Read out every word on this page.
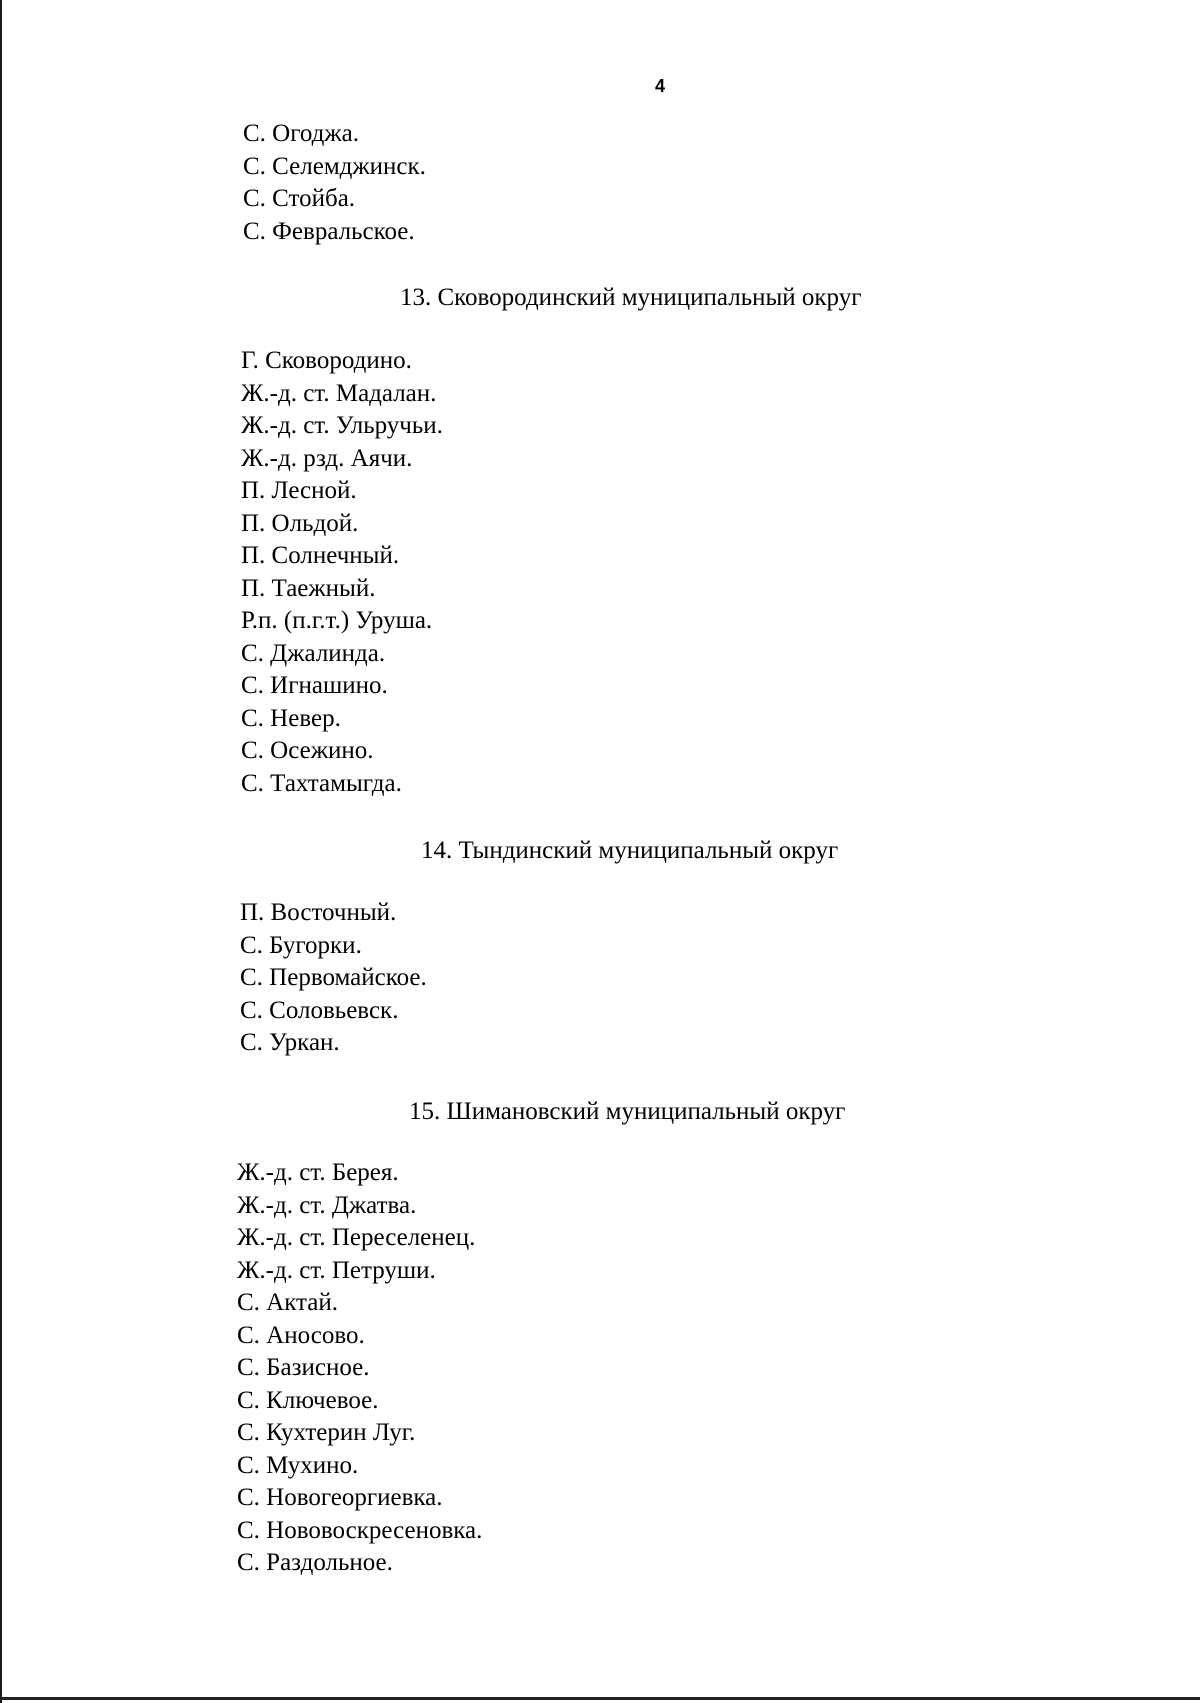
4
С. Огоджа.
С. Селемджинск.
С. Стойба.
С. Февральское.
13. Сковородинский муниципальный округ
Г. Сковородино.
Ж.-д. ст. Мадалан.
Ж.-д. ст. Ульручьи.
Ж.-д. рзд. Аячи.
П. Лесной.
П. Ольдой.
П. Солнечный.
П. Таежный.
Р.п. (п.г.т.) Уруша.
С. Джалинда.
С. Игнашино.
С. Невер.
С. Осежино.
С. Тахтамыгда.
14. Тындинский муниципальный округ
П. Восточный.
С. Бугорки.
С. Первомайское.
С. Соловьевск.
С. Уркан.
15. Шимановский муниципальный округ
Ж.-д. ст. Берея.
Ж.-д. ст. Джатва.
Ж.-д. ст. Переселенец.
Ж.-д. ст. Петруши.
С. Актай.
С. Аносово.
С. Базисное.
С. Ключевое.
С. Кухтерин Луг.
С. Мухино.
С. Новогеоргиевка.
С. Нововоскресеновка.
С. Раздольное.
